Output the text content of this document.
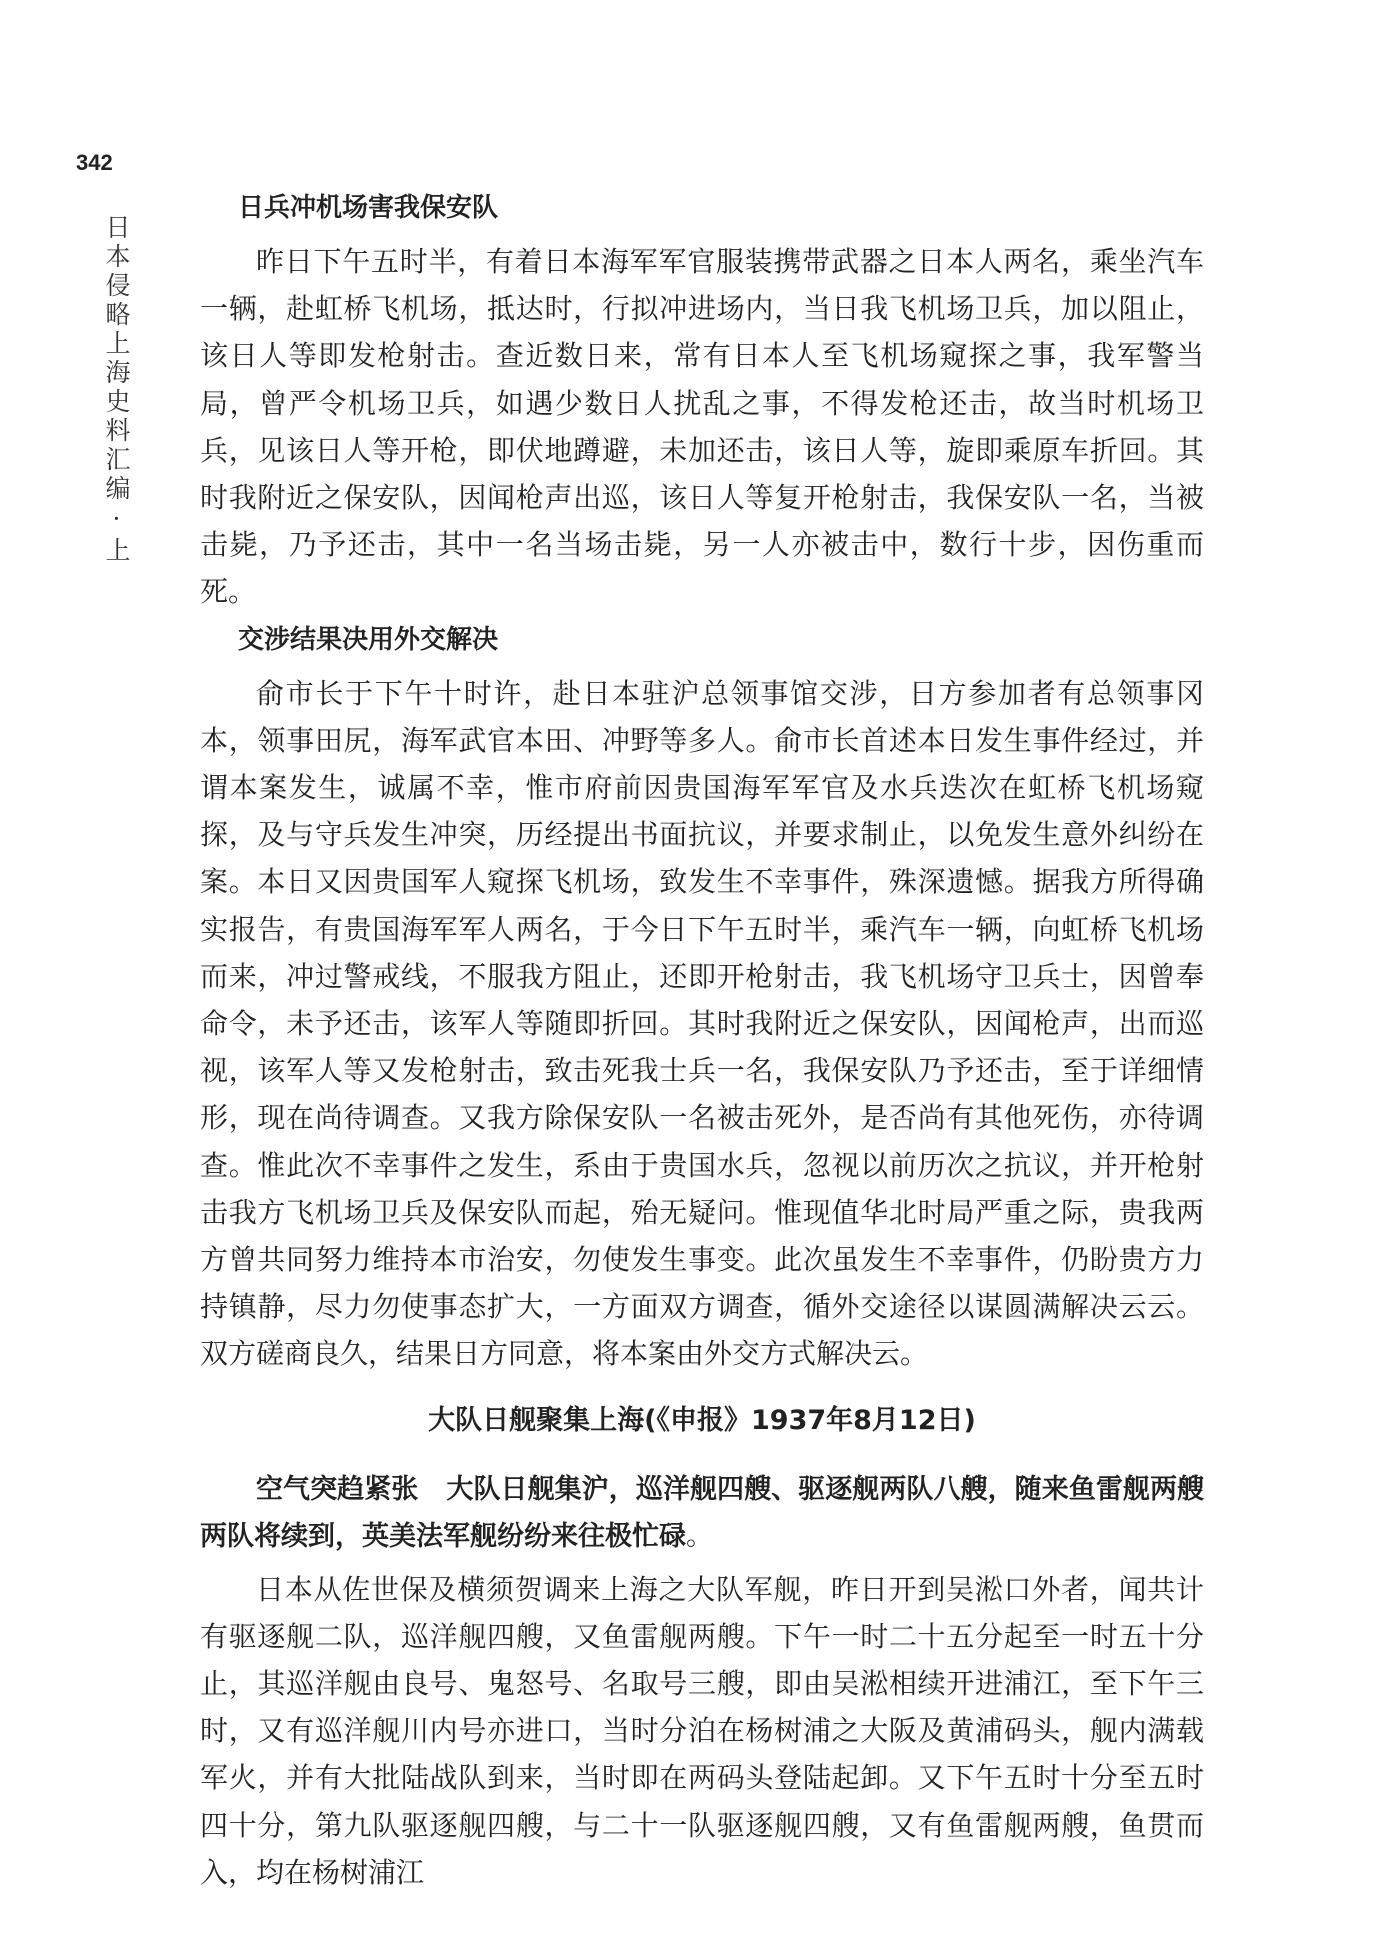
342
日本侵略上海史料汇编·上
日兵冲机场害我保安队

昨日下午五时半，有着日本海军军官服装携带武器之日本人两名，乘坐汽车一辆，赴虹桥飞机场，抵达时，行拟冲进场内，当日我飞机场卫兵，加以阻止，该日人等即发枪射击。查近数日来，常有日本人至飞机场窥探之事，我军警当局，曾严令机场卫兵，如遇少数日人扰乱之事，不得发枪还击，故当时机场卫兵，见该日人等开枪，即伏地蹲避，未加还击，该日人等，旋即乘原车折回。其时我附近之保安队，因闻枪声出巡，该日人等复开枪射击，我保安队一名，当被击毙，乃予还击，其中一名当场击毙，另一人亦被击中，数行十步，因伤重而死。

交涉结果决用外交解决

俞市长于下午十时许，赴日本驻沪总领事馆交涉，日方参加者有总领事冈本，领事田尻，海军武官本田、冲野等多人。俞市长首述本日发生事件经过，并谓本案发生，诚属不幸，惟市府前因贵国海军军官及水兵迭次在虹桥飞机场窥探，及与守兵发生冲突，历经提出书面抗议，并要求制止，以免发生意外纠纷在案。本日又因贵国军人窥探飞机场，致发生不幸事件，殊深遗憾。据我方所得确实报告，有贵国海军军人两名，于今日下午五时半，乘汽车一辆，向虹桥飞机场而来，冲过警戒线，不服我方阻止，还即开枪射击，我飞机场守卫兵士，因曾奉命令，未予还击，该军人等随即折回。其时我附近之保安队，因闻枪声，出而巡视，该军人等又发枪射击，致击死我士兵一名，我保安队乃予还击，至于详细情形，现在尚待调查。又我方除保安队一名被击死外，是否尚有其他死伤，亦待调查。惟此次不幸事件之发生，系由于贵国水兵，忽视以前历次之抗议，并开枪射击我方飞机场卫兵及保安队而起，殆无疑问。惟现值华北时局严重之际，贵我两方曾共同努力维持本市治安，勿使发生事变。此次虽发生不幸事件，仍盼贵方力持镇静，尽力勿使事态扩大，一方面双方调查，循外交途径以谋圆满解决云云。双方磋商良久，结果日方同意，将本案由外交方式解决云。

大队日舰聚集上海(《申报》1937年8月12日)

空气突趋紧张 大队日舰集沪，巡洋舰四艘、驱逐舰两队八艘，随来鱼雷舰两艘两队将续到，英美法军舰纷纷来往极忙碌。

日本从佐世保及横须贺调来上海之大队军舰，昨日开到吴淞口外者，闻共计有驱逐舰二队，巡洋舰四艘，又鱼雷舰两艘。下午一时二十五分起至一时五十分止，其巡洋舰由良号、鬼怒号、名取号三艘，即由吴淞相续开进浦江，至下午三时，又有巡洋舰川内号亦进口，当时分泊在杨树浦之大阪及黄浦码头，舰内满载军火，并有大批陆战队到来，当时即在两码头登陆起卸。又下午五时十分至五时四十分，第九队驱逐舰四艘，与二十一队驱逐舰四艘，又有鱼雷舰两艘，鱼贯而入，均在杨树浦江
